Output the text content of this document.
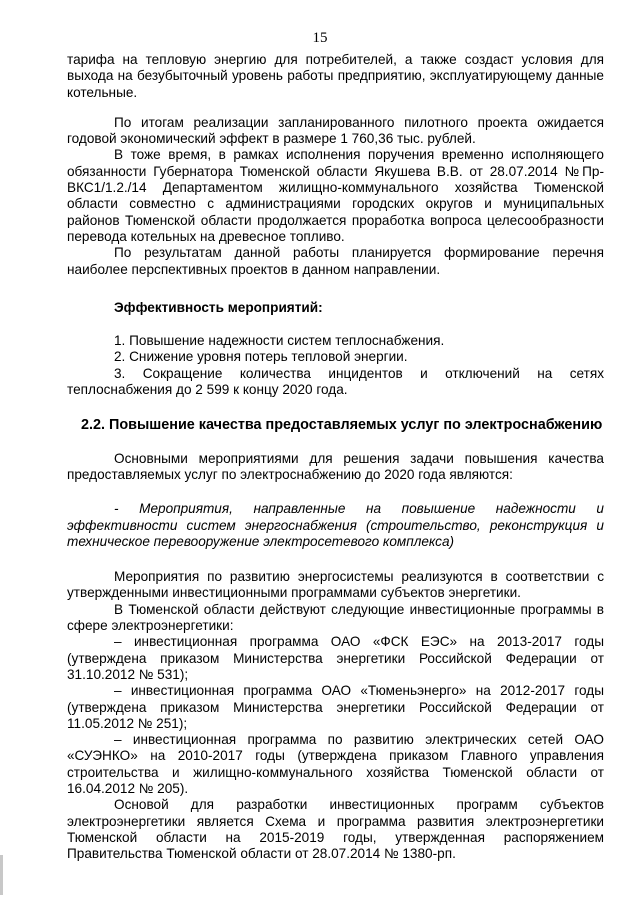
15

тарифа на тепловую энергию для потребителей, а также создаст условия для выхода на безубыточный уровень работы предприятию, эксплуатирующему данные котельные.

По итогам реализации запланированного пилотного проекта ожидается годовой экономический эффект в размере 1 760,36 тыс. рублей.

В тоже время, в рамках исполнения поручения временно исполняющего обязанности Губернатора Тюменской области Якушева В.В. от 28.07.2014 №Пр-ВКС1/1.2./14 Департаментом жилищно-коммунального хозяйства Тюменской области совместно с администрациями городских округов и муниципальных районов Тюменской области продолжается проработка вопроса целесообразности перевода котельных на древесное топливо.

По результатам данной работы планируется формирование перечня наиболее перспективных проектов в данном направлении.

Эффективность мероприятий:

1. Повышение надежности систем теплоснабжения.

2. Снижение уровня потерь тепловой энергии.

3. Сокращение количества инцидентов и отключений на сетях теплоснабжения до 2 599 к концу 2020 года.

2.2. Повышение качества предоставляемых услуг по электроснабжению

Основными мероприятиями для решения задачи повышения качества предоставляемых услуг по электроснабжению до 2020 года являются:

- Мероприятия, направленные на повышение надежности и эффективности систем энергоснабжения (строительство, реконструкция и техническое перевооружение электросетевого комплекса)

Мероприятия по развитию энергосистемы реализуются в соответствии с утвержденными инвестиционными программами субъектов энергетики.

В Тюменской области действуют следующие инвестиционные программы в сфере электроэнергетики:

– инвестиционная программа ОАО «ФСК ЕЭС» на 2013-2017 годы (утверждена приказом Министерства энергетики Российской Федерации от 31.10.2012 № 531);

– инвестиционная программа ОАО «Тюменьэнерго» на 2012-2017 годы (утверждена приказом Министерства энергетики Российской Федерации от 11.05.2012 № 251);

– инвестиционная программа по развитию электрических сетей ОАО «СУЭНКО» на 2010-2017 годы (утверждена приказом Главного управления строительства и жилищно-коммунального хозяйства Тюменской области от 16.04.2012 № 205).

Основой для разработки инвестиционных программ субъектов электроэнергетики является Схема и программа развития электроэнергетики Тюменской области на 2015-2019 годы, утвержденная распоряжением Правительства Тюменской области от 28.07.2014 № 1380-рп.
